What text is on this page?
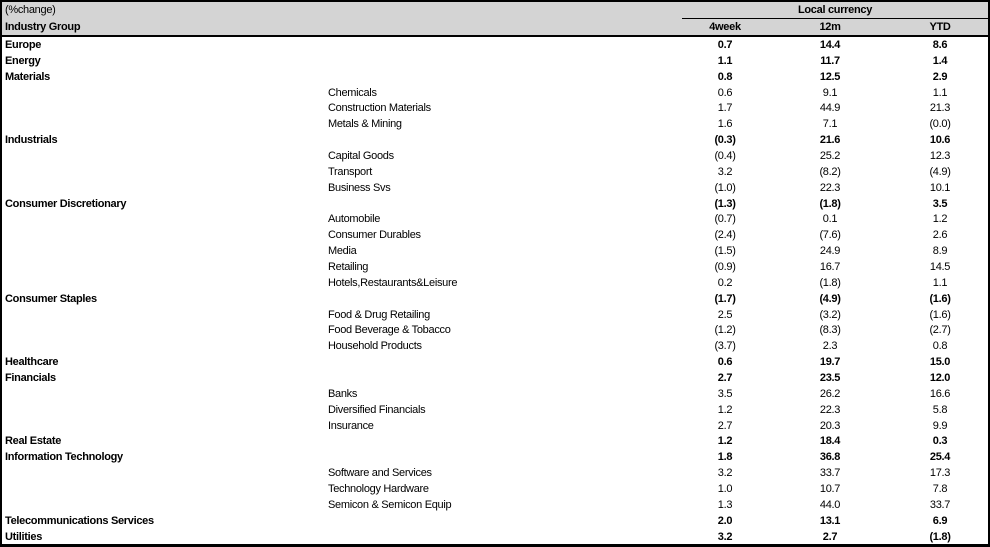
(%change)		Local currency		
Industry Group		4week	12m	YTD
Europe		0.7	14.4	8.6
Energy		1.1	11.7	1.4
Materials		0.8	12.5	2.9
	Chemicals	0.6	9.1	1.1
	Construction Materials	1.7	44.9	21.3
	Metals & Mining	1.6	7.1	(0.0)
Industrials		(0.3)	21.6	10.6
	Capital Goods	(0.4)	25.2	12.3
	Transport	3.2	(8.2)	(4.9)
	Business Svs	(1.0)	22.3	10.1
Consumer Discretionary		(1.3)	(1.8)	3.5
	Automobile	(0.7)	0.1	1.2
	Consumer Durables	(2.4)	(7.6)	2.6
	Media	(1.5)	24.9	8.9
	Retailing	(0.9)	16.7	14.5
	Hotels,Restaurants&Leisure	0.2	(1.8)	1.1
Consumer Staples		(1.7)	(4.9)	(1.6)
	Food & Drug Retailing	2.5	(3.2)	(1.6)
	Food Beverage & Tobacco	(1.2)	(8.3)	(2.7)
	Household Products	(3.7)	2.3	0.8
Healthcare		0.6	19.7	15.0
Financials		2.7	23.5	12.0
	Banks	3.5	26.2	16.6
	Diversified Financials	1.2	22.3	5.8
	Insurance	2.7	20.3	9.9
Real Estate		1.2	18.4	0.3
Information Technology		1.8	36.8	25.4
	Software and Services	3.2	33.7	17.3
	Technology Hardware	1.0	10.7	7.8
	Semicon & Semicon Equip	1.3	44.0	33.7
Telecommunications Services		2.0	13.1	6.9
Utilities		3.2	2.7	(1.8)
